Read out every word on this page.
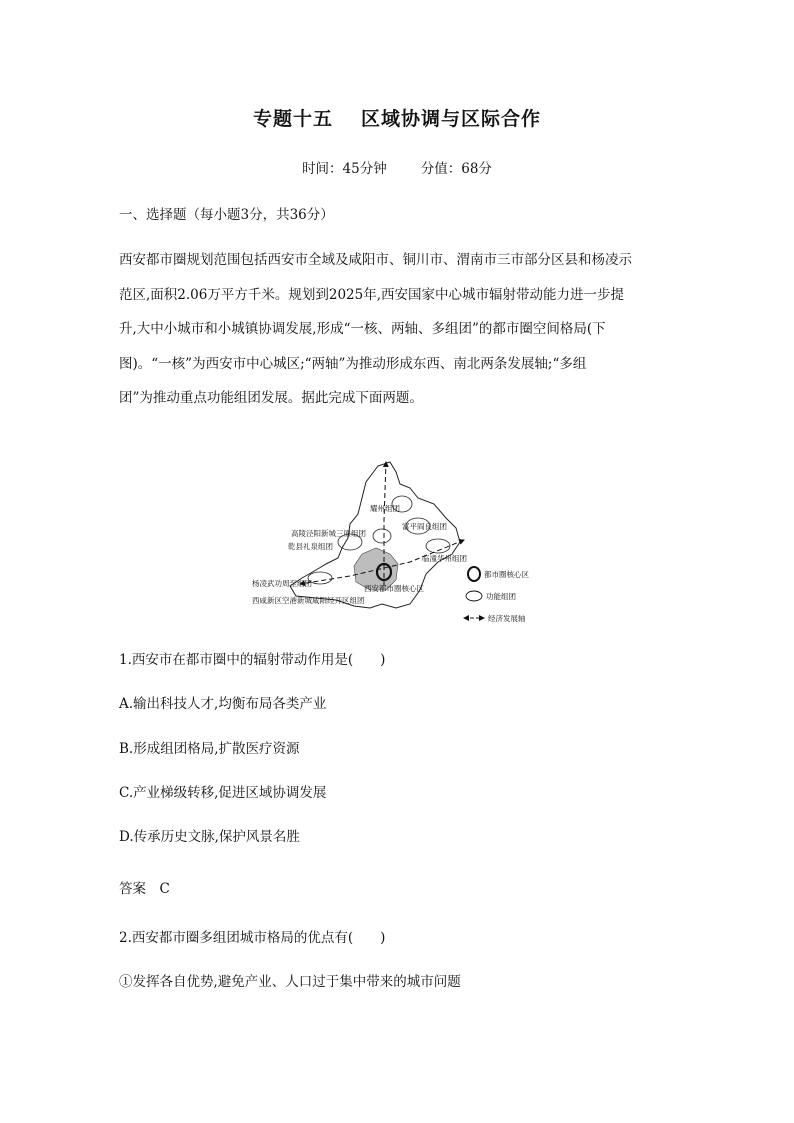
专题十五 区域协调与区际合作
时间：45分钟	分值：68分
一、选择题（每小题3分，共36分）
西安都市圈规划范围包括西安市全域及咸阳市、铜川市、渭南市三市部分区县和杨凌示
范区,面积2.06万平方千米。规划到2025年,西安国家中心城市辐射带动能力进一步提
升,大中小城市和小城镇协调发展,形成“一核、两轴、多组团”的都市圈空间格局(下
图)。“一核”为西安市中心城区;“两轴”为推动形成东西、南北两条发展轴;“多组
团”为推动重点功能组团发展。据此完成下面两题。
耀州组团
富平阎良组团
高陵泾阳新城三原组团
乾县礼泉组团
临潼华州组团
杨凌武功周至组团
西安都市圈核心区
西咸新区空港新城咸阳经开区组团
都市圈核心区
功能组团
经济发展轴
1.西安市在都市圈中的辐射带动作用是(　　)
A.输出科技人才,均衡布局各类产业
B.形成组团格局,扩散医疗资源
C.产业梯级转移,促进区域协调发展
D.传承历史文脉,保护风景名胜
答案　C
2.西安都市圈多组团城市格局的优点有(　　)
①发挥各自优势,避免产业、人口过于集中带来的城市问题
